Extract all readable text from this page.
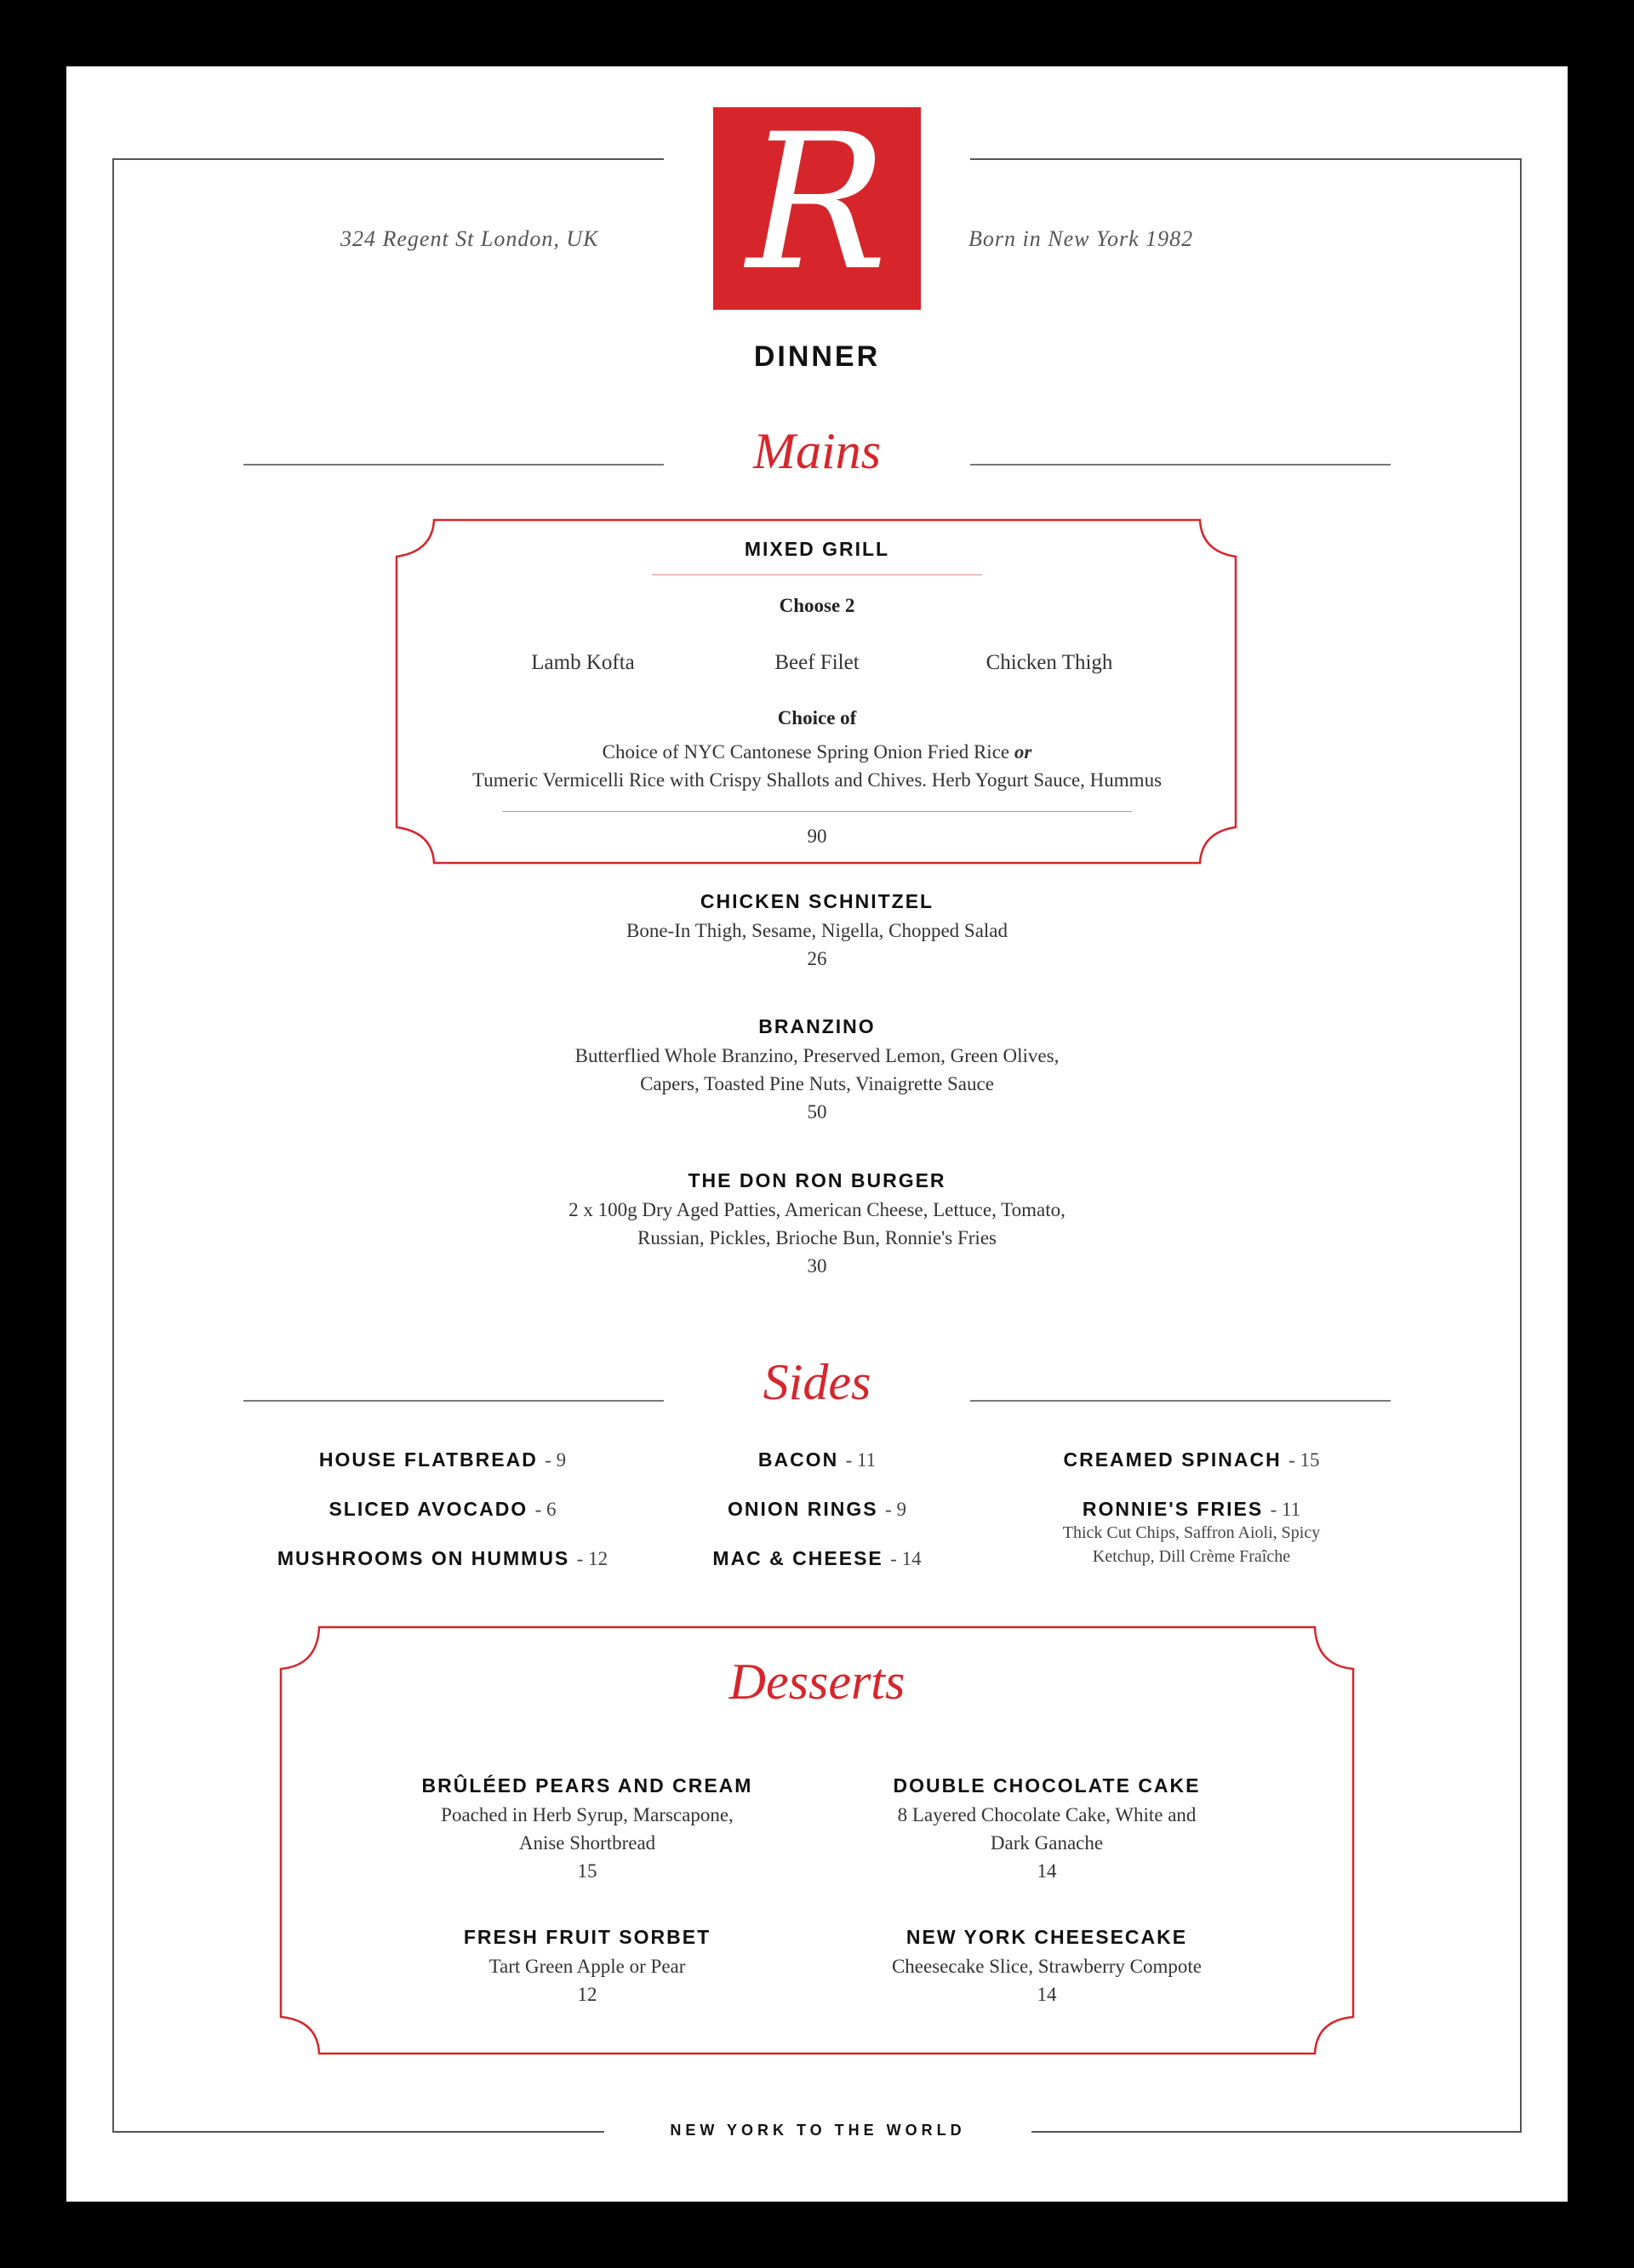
324 Regent St London, UK	Born in New York 1982
R
DINNER
Mains
MIXED GRILL
Choose 2
Lamb Kofta	Beef Filet	Chicken Thigh
Choice of
Choice of NYC Cantonese Spring Onion Fried Rice or
Tumeric Vermicelli Rice with Crispy Shallots and Chives. Herb Yogurt Sauce, Hummus
90
CHICKEN SCHNITZEL
Bone-In Thigh, Sesame, Nigella, Chopped Salad
26
BRANZINO
Butterflied Whole Branzino, Preserved Lemon, Green Olives,
Capers, Toasted Pine Nuts, Vinaigrette Sauce
50
THE DON RON BURGER
2 x 100g Dry Aged Patties, American Cheese, Lettuce, Tomato,
Russian, Pickles, Brioche Bun, Ronnie's Fries
30
Sides
HOUSE FLATBREAD - 9
SLICED AVOCADO - 6
MUSHROOMS ON HUMMUS - 12
BACON - 11
ONION RINGS - 9
MAC & CHEESE - 14
CREAMED SPINACH - 15
RONNIE'S FRIES - 11
Thick Cut Chips, Saffron Aioli, Spicy
Ketchup, Dill Crème Fraîche
Desserts
BRÛLÉED PEARS AND CREAM
Poached in Herb Syrup, Marscapone,
Anise Shortbread
15
DOUBLE CHOCOLATE CAKE
8 Layered Chocolate Cake, White and
Dark Ganache
14
FRESH FRUIT SORBET
Tart Green Apple or Pear
12
NEW YORK CHEESECAKE
Cheesecake Slice, Strawberry Compote
14
NEW YORK TO THE WORLD
